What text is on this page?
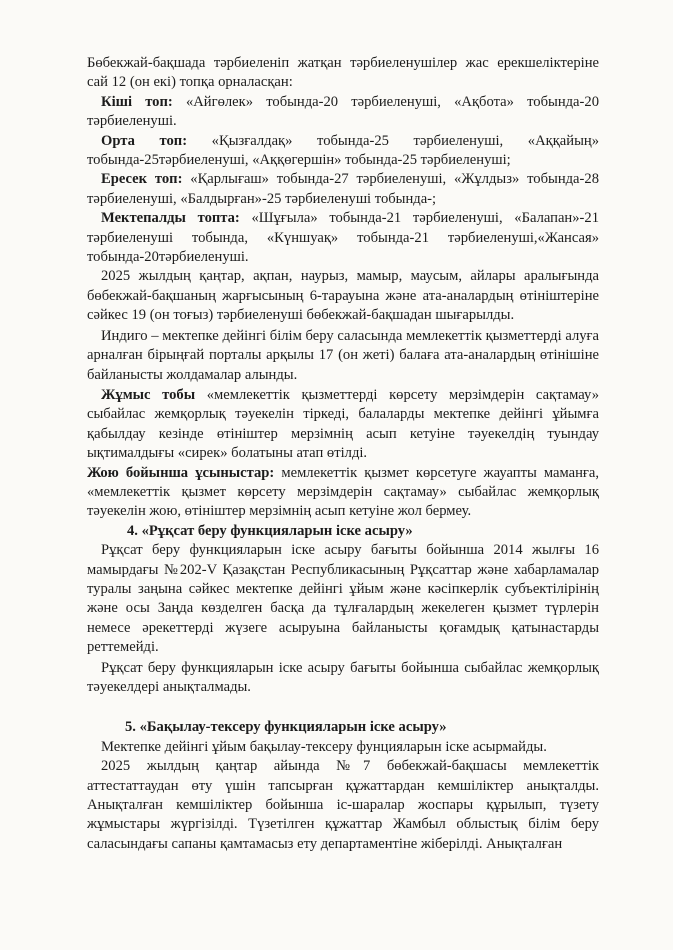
Бөбекжай-бақшада тәрбиеленіп жатқан тәрбиеленушілер жас ерекшеліктеріне сай 12 (он екі) топқа орналасқан:

Кіші топ: «Айгөлек» тобында-20 тәрбиеленуші, «Ақбота» тобында-20 тәрбиеленуші.

Орта топ: «Қызғалдақ» тобында-25 тәрбиеленуші, «Аққайың» тобында-25тәрбиеленуші, «Аққөгершін» тобында-25 тәрбиеленуші;

Ересек топ: «Қарлығаш» тобында-27 тәрбиеленуші, «Жұлдыз» тобында-28 тәрбиеленуші, «Балдырған»-25 тәрбиеленуші тобында-;

Мектепалды топта: «Шұғыла» тобында-21 тәрбиеленуші, «Балапан»-21 тәрбиеленуші тобында, «Күншуақ» тобында-21 тәрбиеленуші,«Жансая» тобында-20тәрбиеленуші.

2025 жылдың қаңтар, ақпан, наурыз, мамыр, маусым, айлары аралығында бөбекжай-бақшаның жарғысының 6-тарауына және ата-аналардың өтініштеріне сәйкес 19 (он тоғыз) тәрбиеленуші бөбекжай-бақшадан шығарылды.

Индиго – мектепке дейінгі білім беру саласында мемлекеттік қызметтерді алуға арналған бірыңғай порталы арқылы 17 (он жеті) балаға ата-аналардың өтінішіне байланысты жолдамалар алынды.

Жұмыс тобы «мемлекеттік қызметтерді көрсету мерзімдерін сақтамау» сыбайлас жемқорлық тәуекелін тіркеді, балаларды мектепке дейінгі ұйымға қабылдау кезінде өтініштер мерзімнің асып кетуіне тәуекелдің туындау ықтималдығы «сирек» болатыны атап өтілді.

Жою бойынша ұсыныстар: мемлекеттік қызмет көрсетуге жауапты маманға, «мемлекеттік қызмет көрсету мерзімдерін сақтамау» сыбайлас жемқорлық тәуекелін жою, өтініштер мерзімнің асып кетуіне жол бермеу.

4. «Рұқсат беру функцияларын іске асыру»

Рұқсат беру функцияларын іске асыру бағыты бойынша 2014 жылғы 16 мамырдағы №202-V Қазақстан Республикасының Рұқсаттар және хабарламалар туралы заңына сәйкес мектепке дейінгі ұйым және кәсіпкерлік субъектілірінің және осы Заңда көзделген басқа да тұлғалардың жекелеген қызмет түрлерін немесе әрекеттерді жүзеге асыруына байланысты қоғамдық қатынастарды реттемейді.

Рұқсат беру функцияларын іске асыру бағыты бойынша сыбайлас жемқорлық тәуекелдері анықталмады.

5. «Бақылау-тексеру функцияларын іске асыру»

Мектепке дейінгі ұйым бақылау-тексеру фунцияларын іске асырмайды.

2025 жылдың қаңтар айында №7 бөбекжай-бақшасы мемлекеттік аттестаттаудан өту үшін тапсырған құжаттардан кемшіліктер анықталды. Анықталған кемшіліктер бойынша іс-шаралар жоспары құрылып, түзету жұмыстары жүргізілді. Түзетілген құжаттар Жамбыл облыстық білім беру саласындағы сапаны қамтамасыз ету департаментіне жіберілді. Анықталған
